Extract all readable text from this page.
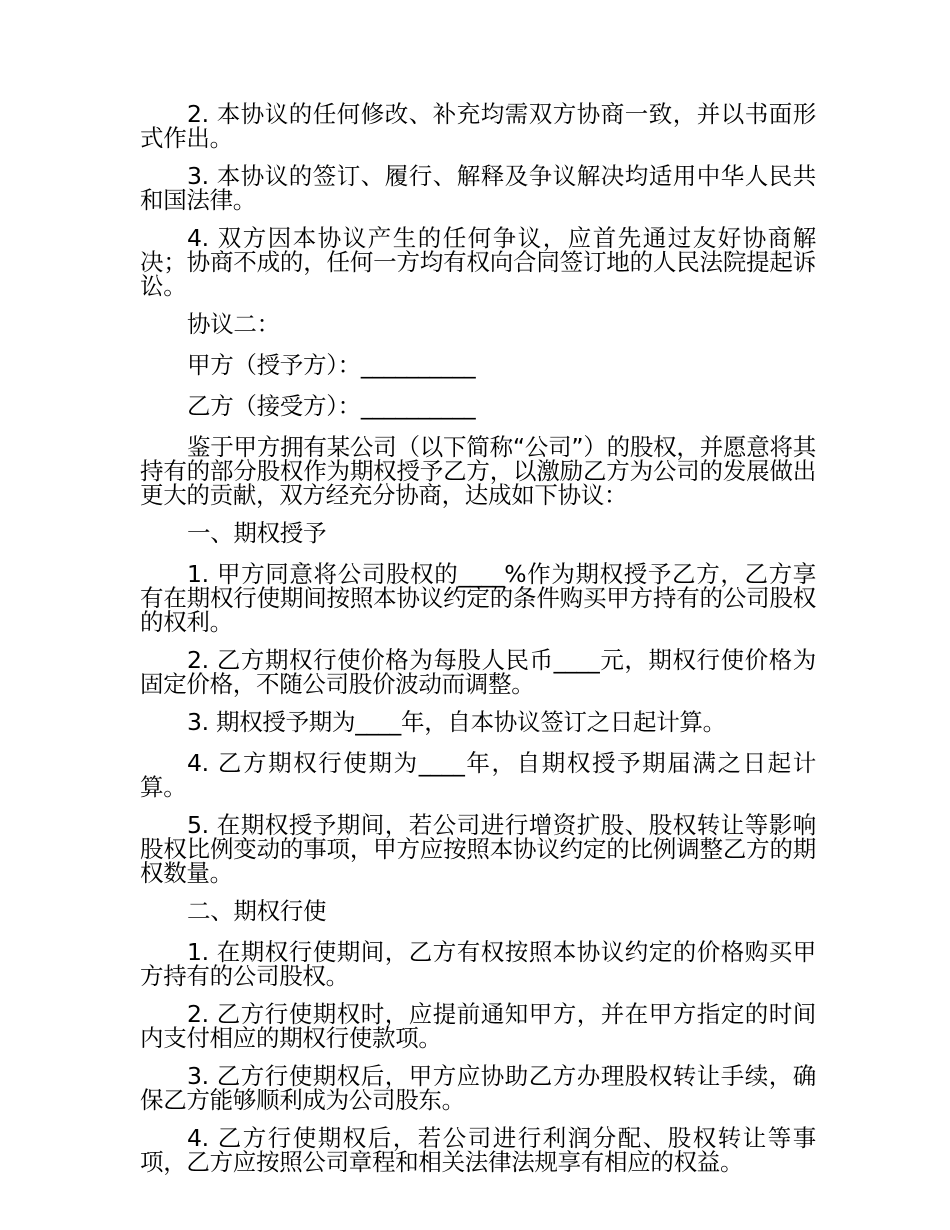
2. 本协议的任何修改、补充均需双方协商一致，并以书面形式作出。

3. 本协议的签订、履行、解释及争议解决均适用中华人民共和国法律。

4. 双方因本协议产生的任何争议，应首先通过友好协商解决；协商不成的，任何一方均有权向合同签订地的人民法院提起诉讼。

协议二：

甲方（授予方）：__________

乙方（接受方）：__________

鉴于甲方拥有某公司（以下简称“公司”）的股权，并愿意将其持有的部分股权作为期权授予乙方，以激励乙方为公司的发展做出更大的贡献，双方经充分协商，达成如下协议：

一、期权授予

1. 甲方同意将公司股权的____%作为期权授予乙方，乙方享有在期权行使期间按照本协议约定的条件购买甲方持有的公司股权的权利。

2. 乙方期权行使价格为每股人民币____元，期权行使价格为固定价格，不随公司股价波动而调整。

3. 期权授予期为____年，自本协议签订之日起计算。

4. 乙方期权行使期为____年，自期权授予期届满之日起计算。

5. 在期权授予期间，若公司进行增资扩股、股权转让等影响股权比例变动的事项，甲方应按照本协议约定的比例调整乙方的期权数量。

二、期权行使

1. 在期权行使期间，乙方有权按照本协议约定的价格购买甲方持有的公司股权。

2. 乙方行使期权时，应提前通知甲方，并在甲方指定的时间内支付相应的期权行使款项。

3. 乙方行使期权后，甲方应协助乙方办理股权转让手续，确保乙方能够顺利成为公司股东。

4. 乙方行使期权后，若公司进行利润分配、股权转让等事项，乙方应按照公司章程和相关法律法规享有相应的权益。
